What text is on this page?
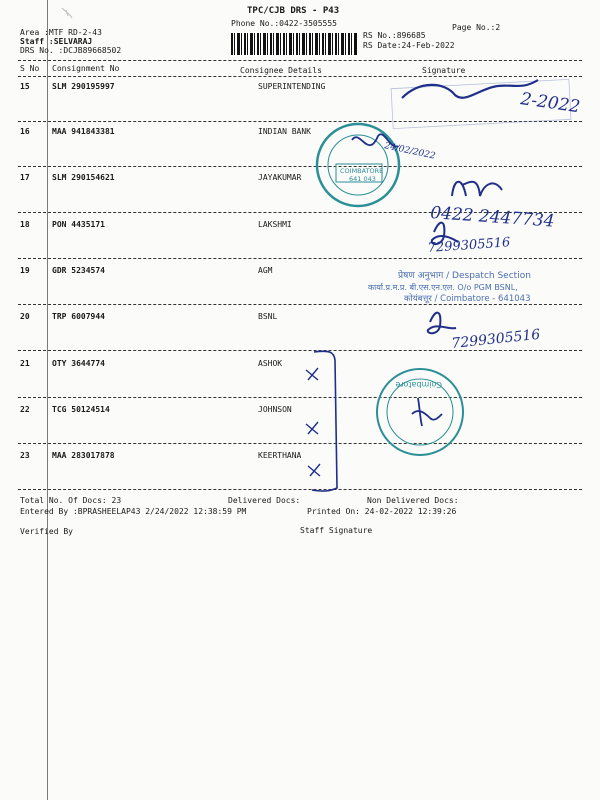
TPC/CJB DRS - P43
Phone No.:0422-3505555
Area :MTF RD-2-43
Staff :SELVARAJ
DRS No. :DCJB89668502
RS No.:896685
RS Date:24-Feb-2022
Page No.:2
S No Consignment No	Consignee Details	Signature
15	SLM 290195997	SUPERINTENDING
16	MAA 941843381	INDIAN BANK
17	SLM 290154621	JAYAKUMAR
18	PON 4435171	LAKSHMI
19	GDR 5234574	AGM
20	TRP 6007944	BSNL
21	OTY 3644774	ASHOK
22	TCG 50124514	JOHNSON
23	MAA 283017878	KEERTHANA
Total No. Of Docs: 23	Delivered Docs:	Non Delivered Docs:
Entered By :BPRASHEELAP43 2/24/2022 12:38:59 PM	Printed On: 24-02-2022 12:39:26
Verified By	Staff Signature
2-2022
COIMBATORE
641 043
24/02/2022
0422 2447734
7299305516
प्रेषण अनुभाग / Despatch Section
कार्या.प्र.म.प्र. बी.एस.एन.एल. O/o PGM BSNL,
कोयंबत्तूर / Coimbatore - 641043
7299305516
Coimbatore
